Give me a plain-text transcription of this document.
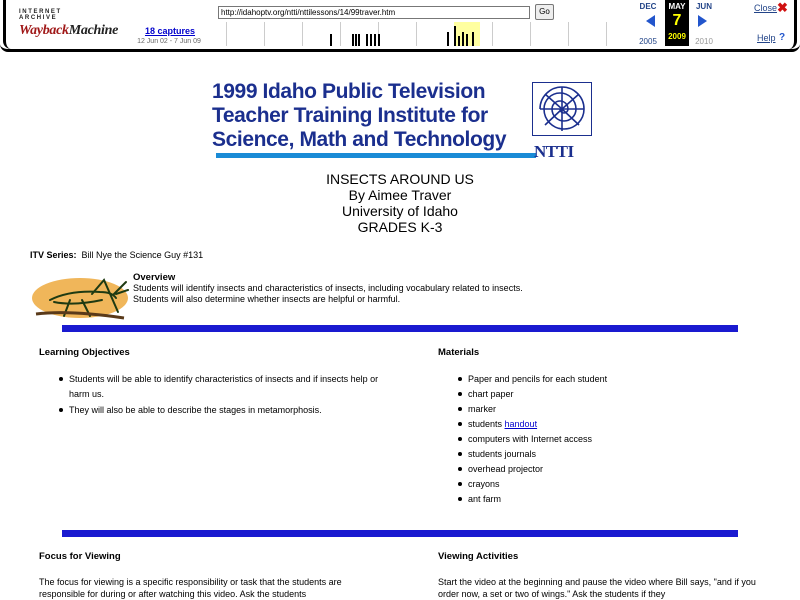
INTERNET ARCHIVE
WaybackMachine
http://idahoptv.org/ntti/nttilessons/14/99traver.htm	Go
18 captures
12 Jun 02 - 7 Jun 09
DEC
2005
MAY
7
2009
JUN
2010
Close ✖
Help ?
1999 Idaho Public Television
Teacher Training Institute for
Science, Math and Technology
NTTI
INSECTS AROUND US
By Aimee Traver
University of Idaho
GRADES K-3
ITV Series: Bill Nye the Science Guy #131
Overview
Students will identify insects and characteristics of insects, including vocabulary related to insects.
Students will also determine whether insects are helpful or harmful.
Learning Objectives
Students will be able to identify characteristics of insects and if insects help or harm us.
They will also be able to describe the stages in metamorphosis.
Materials
Paper and pencils for each student
chart paper
marker
students handout
computers with Internet access
students journals
overhead projector
crayons
ant farm
Focus for Viewing

The focus for viewing is a specific responsibility or task that the students are responsible for during or after watching this video. Ask the students

Viewing Activities

Start the video at the beginning and pause the video where Bill says, "and if you order now, a set or two of wings." Ask the students if they
